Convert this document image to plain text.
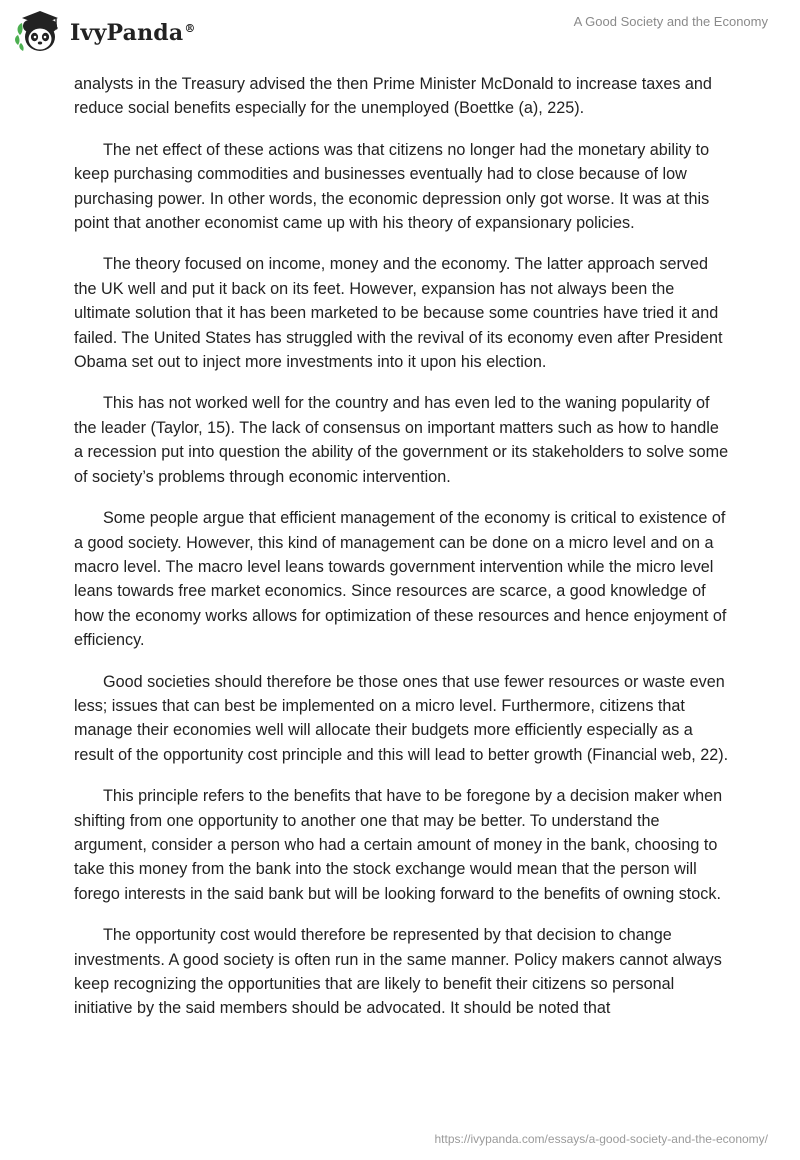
IvyPanda®	A Good Society and the Economy

analysts in the Treasury advised the then Prime Minister McDonald to increase taxes and reduce social benefits especially for the unemployed (Boettke (a), 225).

The net effect of these actions was that citizens no longer had the monetary ability to keep purchasing commodities and businesses eventually had to close because of low purchasing power. In other words, the economic depression only got worse. It was at this point that another economist came up with his theory of expansionary policies.

The theory focused on income, money and the economy. The latter approach served the UK well and put it back on its feet. However, expansion has not always been the ultimate solution that it has been marketed to be because some countries have tried it and failed. The United States has struggled with the revival of its economy even after President Obama set out to inject more investments into it upon his election.

This has not worked well for the country and has even led to the waning popularity of the leader (Taylor, 15). The lack of consensus on important matters such as how to handle a recession put into question the ability of the government or its stakeholders to solve some of society’s problems through economic intervention.

Some people argue that efficient management of the economy is critical to existence of a good society. However, this kind of management can be done on a micro level and on a macro level. The macro level leans towards government intervention while the micro level leans towards free market economics. Since resources are scarce, a good knowledge of how the economy works allows for optimization of these resources and hence enjoyment of efficiency.

Good societies should therefore be those ones that use fewer resources or waste even less; issues that can best be implemented on a micro level. Furthermore, citizens that manage their economies well will allocate their budgets more efficiently especially as a result of the opportunity cost principle and this will lead to better growth (Financial web, 22).

This principle refers to the benefits that have to be foregone by a decision maker when shifting from one opportunity to another one that may be better. To understand the argument, consider a person who had a certain amount of money in the bank, choosing to take this money from the bank into the stock exchange would mean that the person will forego interests in the said bank but will be looking forward to the benefits of owning stock.

The opportunity cost would therefore be represented by that decision to change investments. A good society is often run in the same manner. Policy makers cannot always keep recognizing the opportunities that are likely to benefit their citizens so personal initiative by the said members should be advocated. It should be noted that

https://ivypanda.com/essays/a-good-society-and-the-economy/
